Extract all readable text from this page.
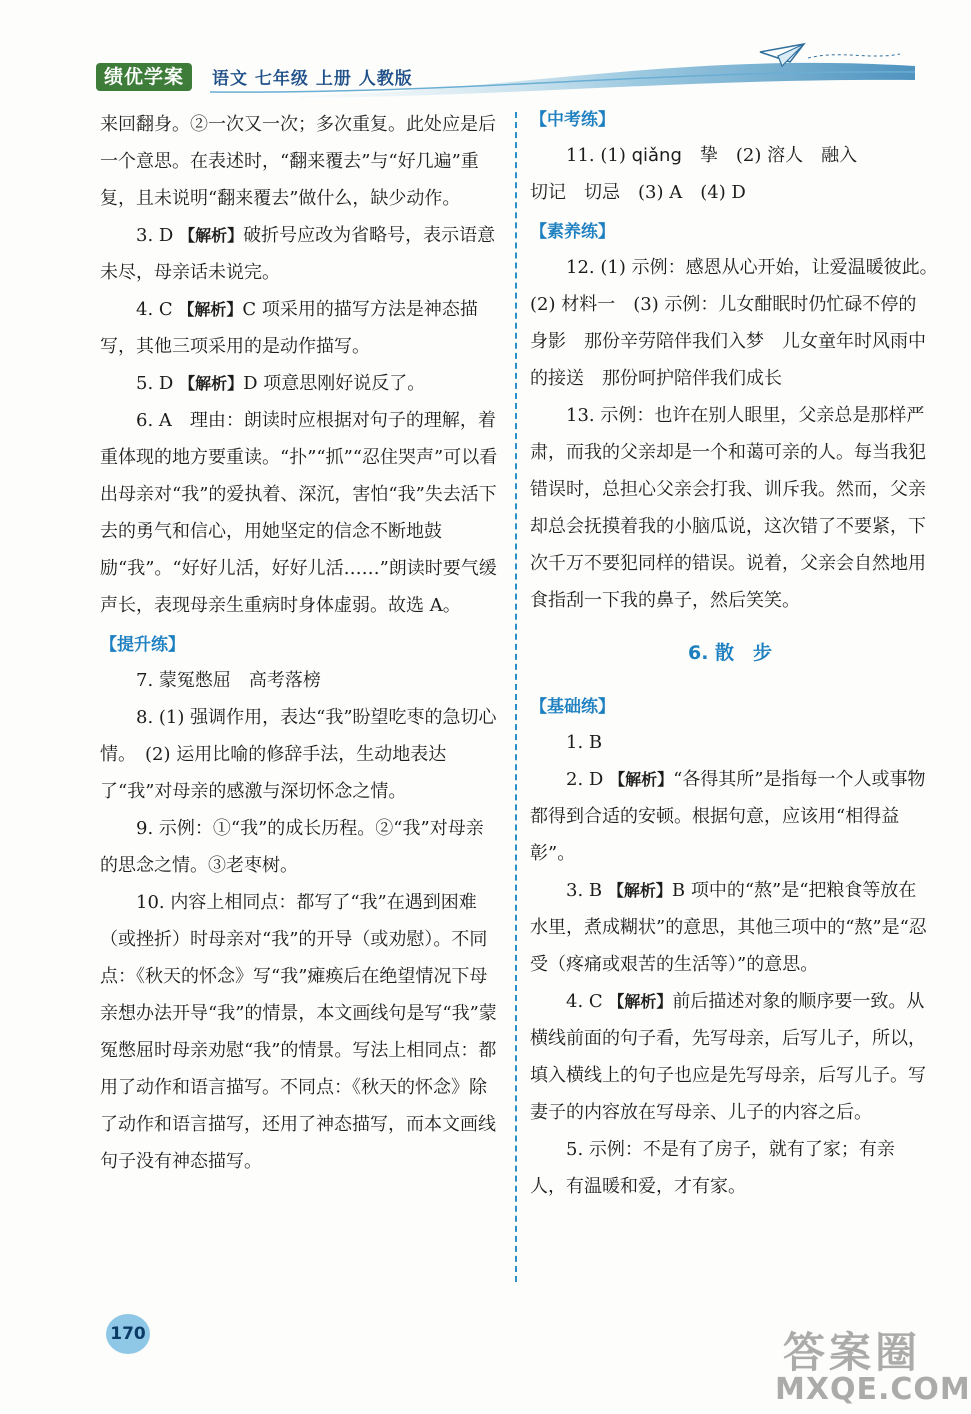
绩优学案	语文 七年级 上册 人教版

来回翻身。②一次又一次；多次重复。此处应是后一个意思。在表述时，“翻来覆去”与“好几遍”重复，且未说明“翻来覆去”做什么，缺少动作。

3. D 【解析】破折号应改为省略号，表示语意未尽，母亲话未说完。

4. C 【解析】C 项采用的描写方法是神态描写，其他三项采用的是动作描写。

5. D 【解析】D 项意思刚好说反了。

6. A　理由：朗读时应根据对句子的理解，着重体现的地方要重读。“扑”“抓”“忍住哭声”可以看出母亲对“我”的爱执着、深沉，害怕“我”失去活下去的勇气和信心，用她坚定的信念不断地鼓励“我”。“好好儿活，好好儿活……”朗读时要气缓声长，表现母亲生重病时身体虚弱。故选 A。

【提升练】

7. 蒙冤憋屈　高考落榜

8. (1) 强调作用，表达“我”盼望吃枣的急切心情。　(2) 运用比喻的修辞手法，生动地表达了“我”对母亲的感激与深切怀念之情。

9. 示例：①“我”的成长历程。②“我”对母亲的思念之情。③老枣树。

10. 内容上相同点：都写了“我”在遇到困难（或挫折）时母亲对“我”的开导（或劝慰）。不同点：《秋天的怀念》写“我”瘫痪后在绝望情况下母亲想办法开导“我”的情景，本文画线句是写“我”蒙冤憋屈时母亲劝慰“我”的情景。写法上相同点：都用了动作和语言描写。不同点：《秋天的怀念》除了动作和语言描写，还用了神态描写，而本文画线句子没有神态描写。

【中考练】

11. (1) qiǎng　挚　(2) 溶人　融入

切记　切忌　(3) A　(4) D

【素养练】

12. (1) 示例：感恩从心开始，让爱温暖彼此。　(2) 材料一　(3) 示例：儿女酣眠时仍忙碌不停的身影　那份辛劳陪伴我们入梦　儿女童年时风雨中的接送　那份呵护陪伴我们成长

13. 示例：也许在别人眼里，父亲总是那样严肃，而我的父亲却是一个和蔼可亲的人。每当我犯错误时，总担心父亲会打我、训斥我。然而，父亲却总会抚摸着我的小脑瓜说，这次错了不要紧，下次千万不要犯同样的错误。说着，父亲会自然地用食指刮一下我的鼻子，然后笑笑。

6. 散　步

【基础练】

1. B

2. D 【解析】“各得其所”是指每一个人或事物都得到合适的安顿。根据句意，应该用“相得益彰”。

3. B 【解析】B 项中的“熬”是“把粮食等放在水里，煮成糊状”的意思，其他三项中的“熬”是“忍受（疼痛或艰苦的生活等）”的意思。

4. C 【解析】前后描述对象的顺序要一致。从横线前面的句子看，先写母亲，后写儿子，所以，填入横线上的句子也应是先写母亲，后写儿子。写妻子的内容放在写母亲、儿子的内容之后。

5. 示例：不是有了房子，就有了家；有亲人，有温暖和爱，才有家。

170	答案圈
MXQE.COM
